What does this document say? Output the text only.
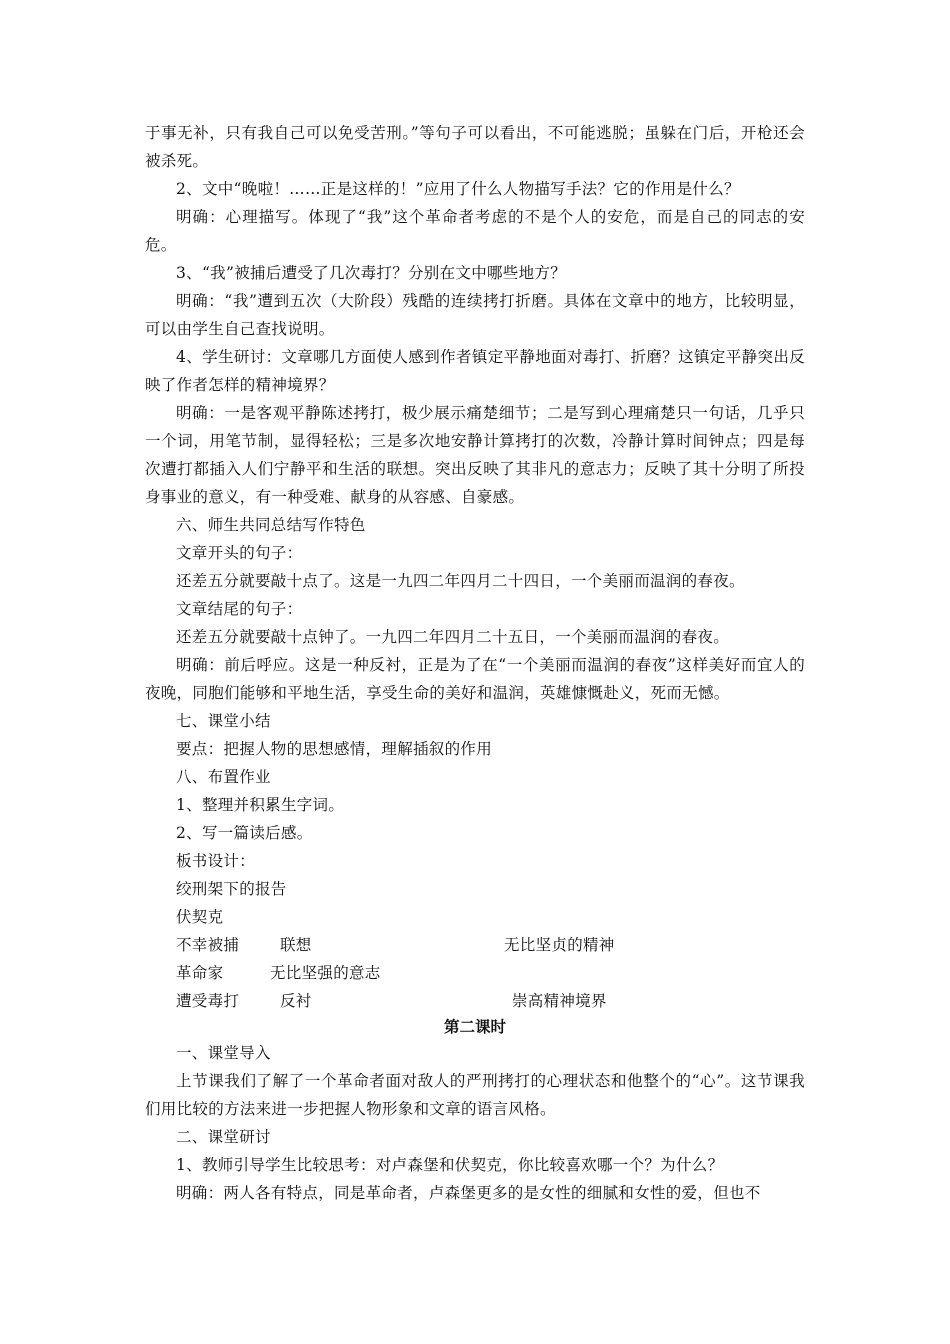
于事无补，只有我自己可以免受苦刑。”等句子可以看出，不可能逃脱；虽躲在门后，开枪还会被杀死。

2、文中“晚啦！……正是这样的！”应用了什么人物描写手法？它的作用是什么？

明确：心理描写。体现了“我”这个革命者考虑的不是个人的安危，而是自己的同志的安危。

3、“我”被捕后遭受了几次毒打？分别在文中哪些地方？

明确：“我”遭到五次（大阶段）残酷的连续拷打折磨。具体在文章中的地方，比较明显，可以由学生自己查找说明。

4、学生研讨：文章哪几方面使人感到作者镇定平静地面对毒打、折磨？这镇定平静突出反映了作者怎样的精神境界？

明确：一是客观平静陈述拷打，极少展示痛楚细节；二是写到心理痛楚只一句话，几乎只一个词，用笔节制，显得轻松；三是多次地安静计算拷打的次数，冷静计算时间钟点；四是每次遭打都插入人们宁静平和生活的联想。突出反映了其非凡的意志力；反映了其十分明了所投身事业的意义，有一种受难、献身的从容感、自豪感。

六、师生共同总结写作特色

文章开头的句子：

还差五分就要敲十点了。这是一九四二年四月二十四日，一个美丽而温润的春夜。

文章结尾的句子：

还差五分就要敲十点钟了。一九四二年四月二十五日，一个美丽而温润的春夜。

明确：前后呼应。这是一种反衬，正是为了在“一个美丽而温润的春夜”这样美好而宜人的夜晚，同胞们能够和平地生活，享受生命的美好和温润，英雄慷慨赴义，死而无憾。

七、课堂小结

要点：把握人物的思想感情，理解插叙的作用

八、布置作业

1、整理并积累生字词。

2、写一篇读后感。

板书设计：

绞刑架下的报告

伏契克

不幸被捕	联想	无比坚贞的精神

革命家	无比坚强的意志

遭受毒打	反衬	崇高精神境界

第二课时

一、课堂导入

上节课我们了解了一个革命者面对敌人的严刑拷打的心理状态和他整个的“心”。这节课我们用比较的方法来进一步把握人物形象和文章的语言风格。

二、课堂研讨

1、教师引导学生比较思考：对卢森堡和伏契克，你比较喜欢哪一个？为什么？

明确：两人各有特点，同是革命者，卢森堡更多的是女性的细腻和女性的爱，但也不
